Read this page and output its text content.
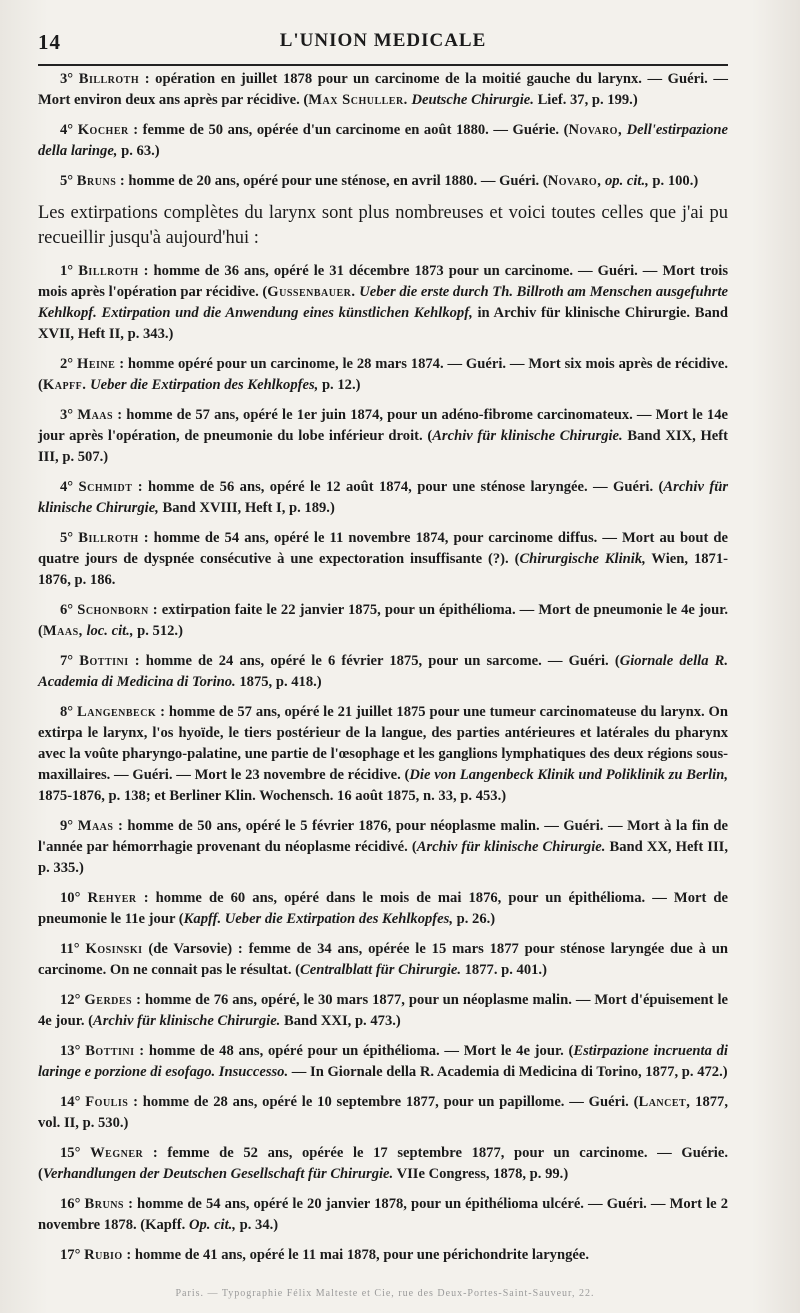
14	L'UNION MEDICALE

3° Billroth : opération en juillet 1878 pour un carcinome de la moitié gauche du larynx. — Guéri. — Mort environ deux ans après par récidive. (Max Schuller. Deutsche Chirurgie. Lief. 37, p. 199.)

4° Kocher : femme de 50 ans, opérée d'un carcinome en août 1880. — Guérie. (Novaro, Dell'estirpazione della laringe, p. 63.)

5° Bruns : homme de 20 ans, opéré pour une sténose, en avril 1880. — Guéri. (Novaro, op. cit., p. 100.)

Les extirpations complètes du larynx sont plus nombreuses et voici toutes celles que j'ai pu recueillir jusqu'à aujourd'hui :

1° Billroth : homme de 36 ans, opéré le 31 décembre 1873 pour un carcinome. — Guéri. — Mort trois mois après l'opération par récidive. (Gussenbauer. Ueber die erste durch Th. Billroth am Menschen ausgefuhrte Kehlkopf. Extirpation und die Anwendung eines künstlichen Kehlkopf, in Archiv für klinische Chirurgie. Band XVII, Heft II, p. 343.)

2° Heine : homme opéré pour un carcinome, le 28 mars 1874. — Guéri. — Mort six mois après de récidive. (Kapff. Ueber die Extirpation des Kehlkopfes, p. 12.)

3° Maas : homme de 57 ans, opéré le 1er juin 1874, pour un adéno-fibrome carcinomateux. — Mort le 14e jour après l'opération, de pneumonie du lobe inférieur droit. (Archiv für klinische Chirurgie. Band XIX, Heft III, p. 507.)

4° Schmidt : homme de 56 ans, opéré le 12 août 1874, pour une sténose laryngée. — Guéri. (Archiv für klinische Chirurgie, Band XVIII, Heft I, p. 189.)

5° Billroth : homme de 54 ans, opéré le 11 novembre 1874, pour carcinome diffus. — Mort au bout de quatre jours de dyspnée consécutive à une expectoration insuffisante (?). (Chirurgische Klinik, Wien, 1871-1876, p. 186.

6° Schonborn : extirpation faite le 22 janvier 1875, pour un épithélioma. — Mort de pneumonie le 4e jour. (Maas, loc. cit., p. 512.)

7° Bottini : homme de 24 ans, opéré le 6 février 1875, pour un sarcome. — Guéri. (Giornale della R. Academia di Medicina di Torino. 1875, p. 418.)

8° Langenbeck : homme de 57 ans, opéré le 21 juillet 1875 pour une tumeur carcinomateuse du larynx. On extirpa le larynx, l'os hyoïde, le tiers postérieur de la langue, des parties antérieures et latérales du pharynx avec la voûte pharyngo-palatine, une partie de l'œsophage et les ganglions lymphatiques des deux régions sous-maxillaires. — Guéri. — Mort le 23 novembre de récidive. (Die von Langenbeck Klinik und Poliklinik zu Berlin, 1875-1876, p. 138; et Berliner Klin. Wochensch. 16 août 1875, n. 33, p. 453.)

9° Maas : homme de 50 ans, opéré le 5 février 1876, pour néoplasme malin. — Guéri. — Mort à la fin de l'année par hémorrhagie provenant du néoplasme récidivé. (Archiv für klinische Chirurgie. Band XX, Heft III, p. 335.)

10° Rehyer : homme de 60 ans, opéré dans le mois de mai 1876, pour un épithélioma. — Mort de pneumonie le 11e jour (Kapff. Ueber die Extirpation des Kehlkopfes, p. 26.)

11° Kosinski (de Varsovie) : femme de 34 ans, opérée le 15 mars 1877 pour sténose laryngée due à un carcinome. On ne connait pas le résultat. (Centralblatt für Chirurgie. 1877. p. 401.)

12° Gerdes : homme de 76 ans, opéré, le 30 mars 1877, pour un néoplasme malin. — Mort d'épuisement le 4e jour. (Archiv für klinische Chirurgie. Band XXI, p. 473.)

13° Bottini : homme de 48 ans, opéré pour un épithélioma. — Mort le 4e jour. (Estirpazione incruenta di laringe e porzione di esofago. Insuccesso. — In Giornale della R. Academia di Medicina di Torino, 1877, p. 472.)

14° Foulis : homme de 28 ans, opéré le 10 septembre 1877, pour un papillome. — Guéri. (Lancet, 1877, vol. II, p. 530.)

15° Wegner : femme de 52 ans, opérée le 17 septembre 1877, pour un carcinome. — Guérie. (Verhandlungen der Deutschen Gesellschaft für Chirurgie. VIIe Congress, 1878, p. 99.)

16° Bruns : homme de 54 ans, opéré le 20 janvier 1878, pour un épithélioma ulcéré. — Guéri. — Mort le 2 novembre 1878. (Kapff. Op. cit., p. 34.)

17° Rubio : homme de 41 ans, opéré le 11 mai 1878, pour une périchondrite laryngée.

Paris. — Typographie Félix Malteste et Cie, rue des Deux-Portes-Saint-Sauveur, 22.
